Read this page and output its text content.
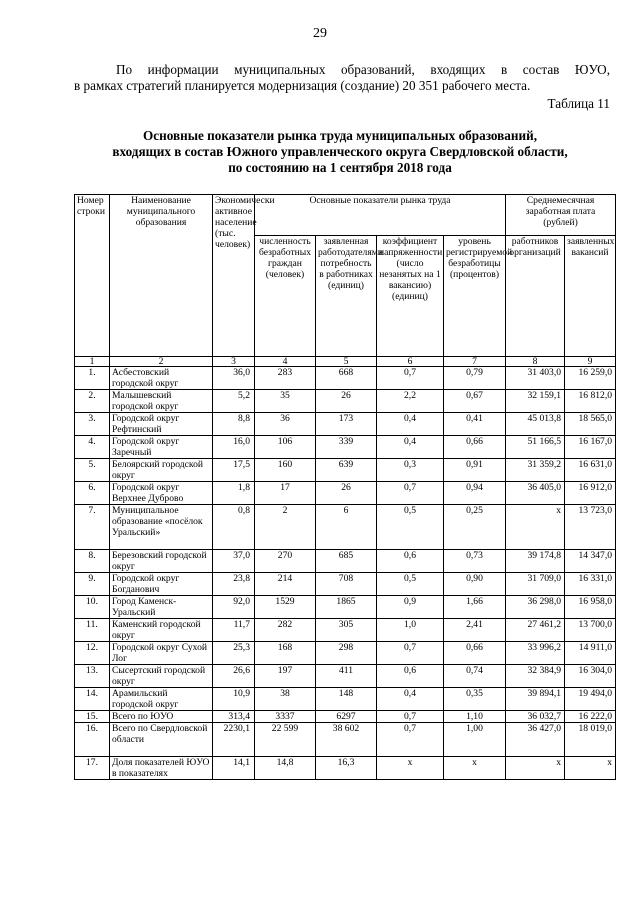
29
По информации муниципальных образований, входящих в состав ЮУО,
в рамках стратегий планируется модернизация (создание) 20 351 рабочего места.
Таблица 11
Основные показатели рынка труда муниципальных образований,
входящих в состав Южного управленческого округа Свердловской области,
по состоянию на 1 сентября 2018 года
Номер строки	Наименование муниципального образования	Экономически активное население (тыс. человек)	Основные показатели рынка труда				Среднемесячная заработная плата (рублей)	
			численность безработных граждан (человек)	заявленная работодателями потребность в работниках (единиц)	коэффициент напряженности (число незанятых на 1 вакансию) (единиц)	уровень регистрируемой безработицы (процентов)	работников организаций	заявленных вакансий
1	2	3	4	5	6	7	8	9
1.	Асбестовский городской округ	36,0	283	668	0,7	0,79	31 403,0	16 259,0
2.	Малышевский городской округ	5,2	35	26	2,2	0,67	32 159,1	16 812,0
3.	Городской округ Рефтинский	8,8	36	173	0,4	0,41	45 013,8	18 565,0
4.	Городской округ Заречный	16,0	106	339	0,4	0,66	51 166,5	16 167,0
5.	Белоярский городской округ	17,5	160	639	0,3	0,91	31 359,2	16 631,0
6.	Городской округ Верхнее Дуброво	1,8	17	26	0,7	0,94	36 405,0	16 912,0
7.	Муниципальное образование «посёлок Уральский»	0,8	2	6	0,5	0,25	х	13 723,0
8.	Березовский городской округ	37,0	270	685	0,6	0,73	39 174,8	14 347,0
9.	Городской округ Богданович	23,8	214	708	0,5	0,90	31 709,0	16 331,0
10.	Город Каменск-Уральский	92,0	1529	1865	0,9	1,66	36 298,0	16 958,0
11.	Каменский городской округ	11,7	282	305	1,0	2,41	27 461,2	13 700,0
12.	Городской округ Сухой Лог	25,3	168	298	0,7	0,66	33 996,2	14 911,0
13.	Сысертский городской округ	26,6	197	411	0,6	0,74	32 384,9	16 304,0
14.	Арамильский городской округ	10,9	38	148	0,4	0,35	39 894,1	19 494,0
15.	Всего по ЮУО	313,4	3337	6297	0,7	1,10	36 032,7	16 222,0
16.	Всего по Свердловской области	2230,1	22 599	38 602	0,7	1,00	36 427,0	18 019,0
17.	Доля показателей ЮУО в показателях	14,1	14,8	16,3	х	х	х	х
